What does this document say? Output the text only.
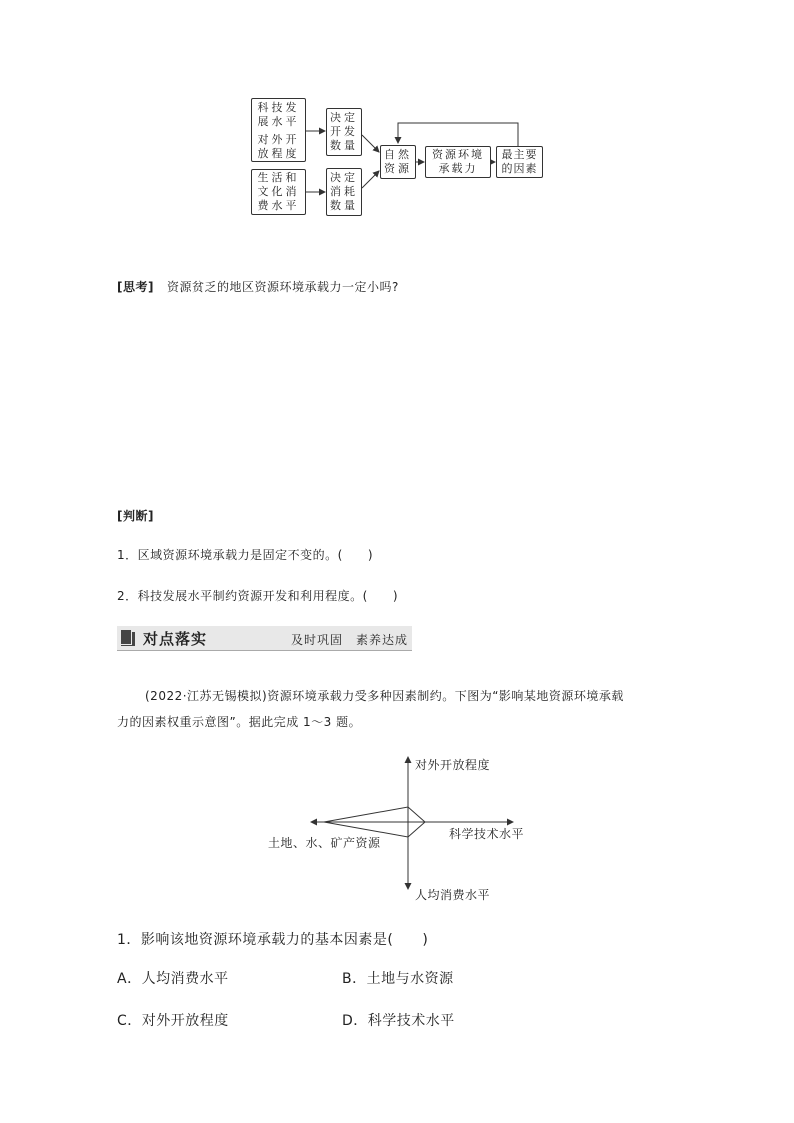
科技发
展水平
对外开
放程度
生活和
文化消
费水平
决定
开发
数量
决定
消耗
数量
自然
资源
资源环境
承载力
最主要
的因素
[思考] 资源贫乏的地区资源环境承载力一定小吗?
[判断]
1．区域资源环境承载力是固定不变的。(　　)
2．科技发展水平制约资源开发和利用程度。(　　)
对点落实	及时巩固　素养达成
(2022·江苏无锡模拟)资源环境承载力受多种因素制约。下图为“影响某地资源环境承载
力的因素权重示意图”。据此完成 1～3 题。
对外开放程度
科学技术水平
土地、水、矿产资源
人均消费水平
1．影响该地资源环境承载力的基本因素是(　　)
A．人均消费水平	B．土地与水资源
C．对外开放程度	D．科学技术水平
